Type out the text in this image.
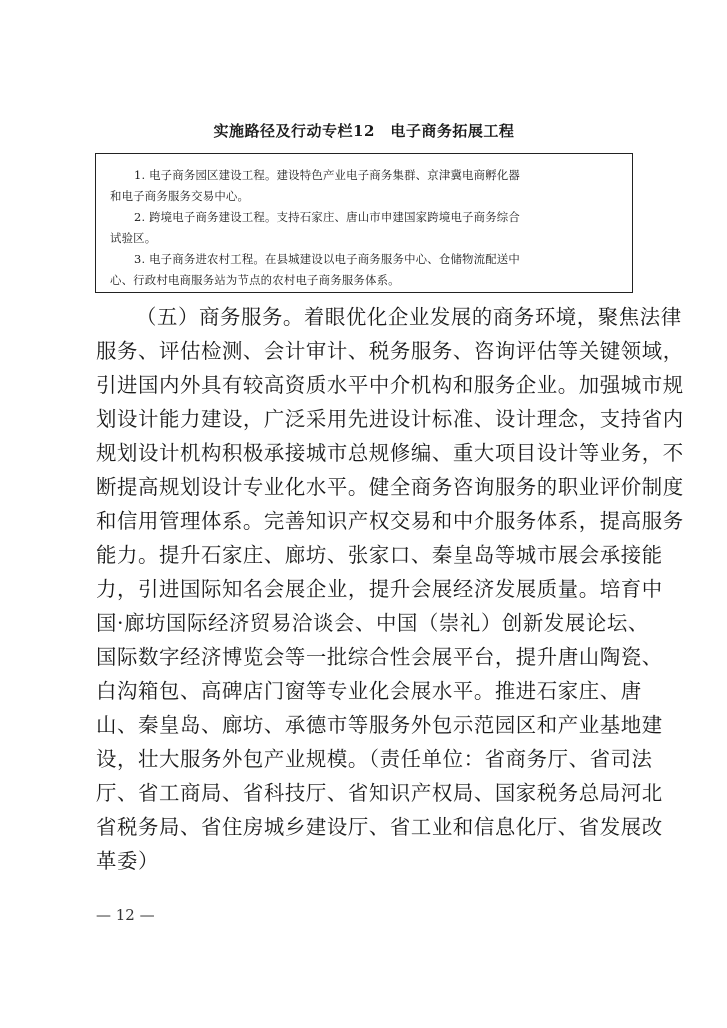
实施路径及行动专栏12　电子商务拓展工程
1. 电子商务园区建设工程。建设特色产业电子商务集群、京津冀电商孵化器
和电子商务服务交易中心。
2. 跨境电子商务建设工程。支持石家庄、唐山市申建国家跨境电子商务综合
试验区。
3. 电子商务进农村工程。在县城建设以电子商务服务中心、仓储物流配送中
心、行政村电商服务站为节点的农村电子商务服务体系。
（五）商务服务。着眼优化企业发展的商务环境，聚焦法律
服务、评估检测、会计审计、税务服务、咨询评估等关键领域，
引进国内外具有较高资质水平中介机构和服务企业。加强城市规
划设计能力建设，广泛采用先进设计标准、设计理念，支持省内
规划设计机构积极承接城市总规修编、重大项目设计等业务，不
断提高规划设计专业化水平。健全商务咨询服务的职业评价制度
和信用管理体系。完善知识产权交易和中介服务体系，提高服务
能力。提升石家庄、廊坊、张家口、秦皇岛等城市展会承接能
力，引进国际知名会展企业，提升会展经济发展质量。培育中
国·廊坊国际经济贸易洽谈会、中国（崇礼）创新发展论坛、
国际数字经济博览会等一批综合性会展平台，提升唐山陶瓷、
白沟箱包、高碑店门窗等专业化会展水平。推进石家庄、唐
山、秦皇岛、廊坊、承德市等服务外包示范园区和产业基地建
设，壮大服务外包产业规模。（责任单位：省商务厅、省司法
厅、省工商局、省科技厅、省知识产权局、国家税务总局河北
省税务局、省住房城乡建设厅、省工业和信息化厅、省发展改
革委）
— 12 —
